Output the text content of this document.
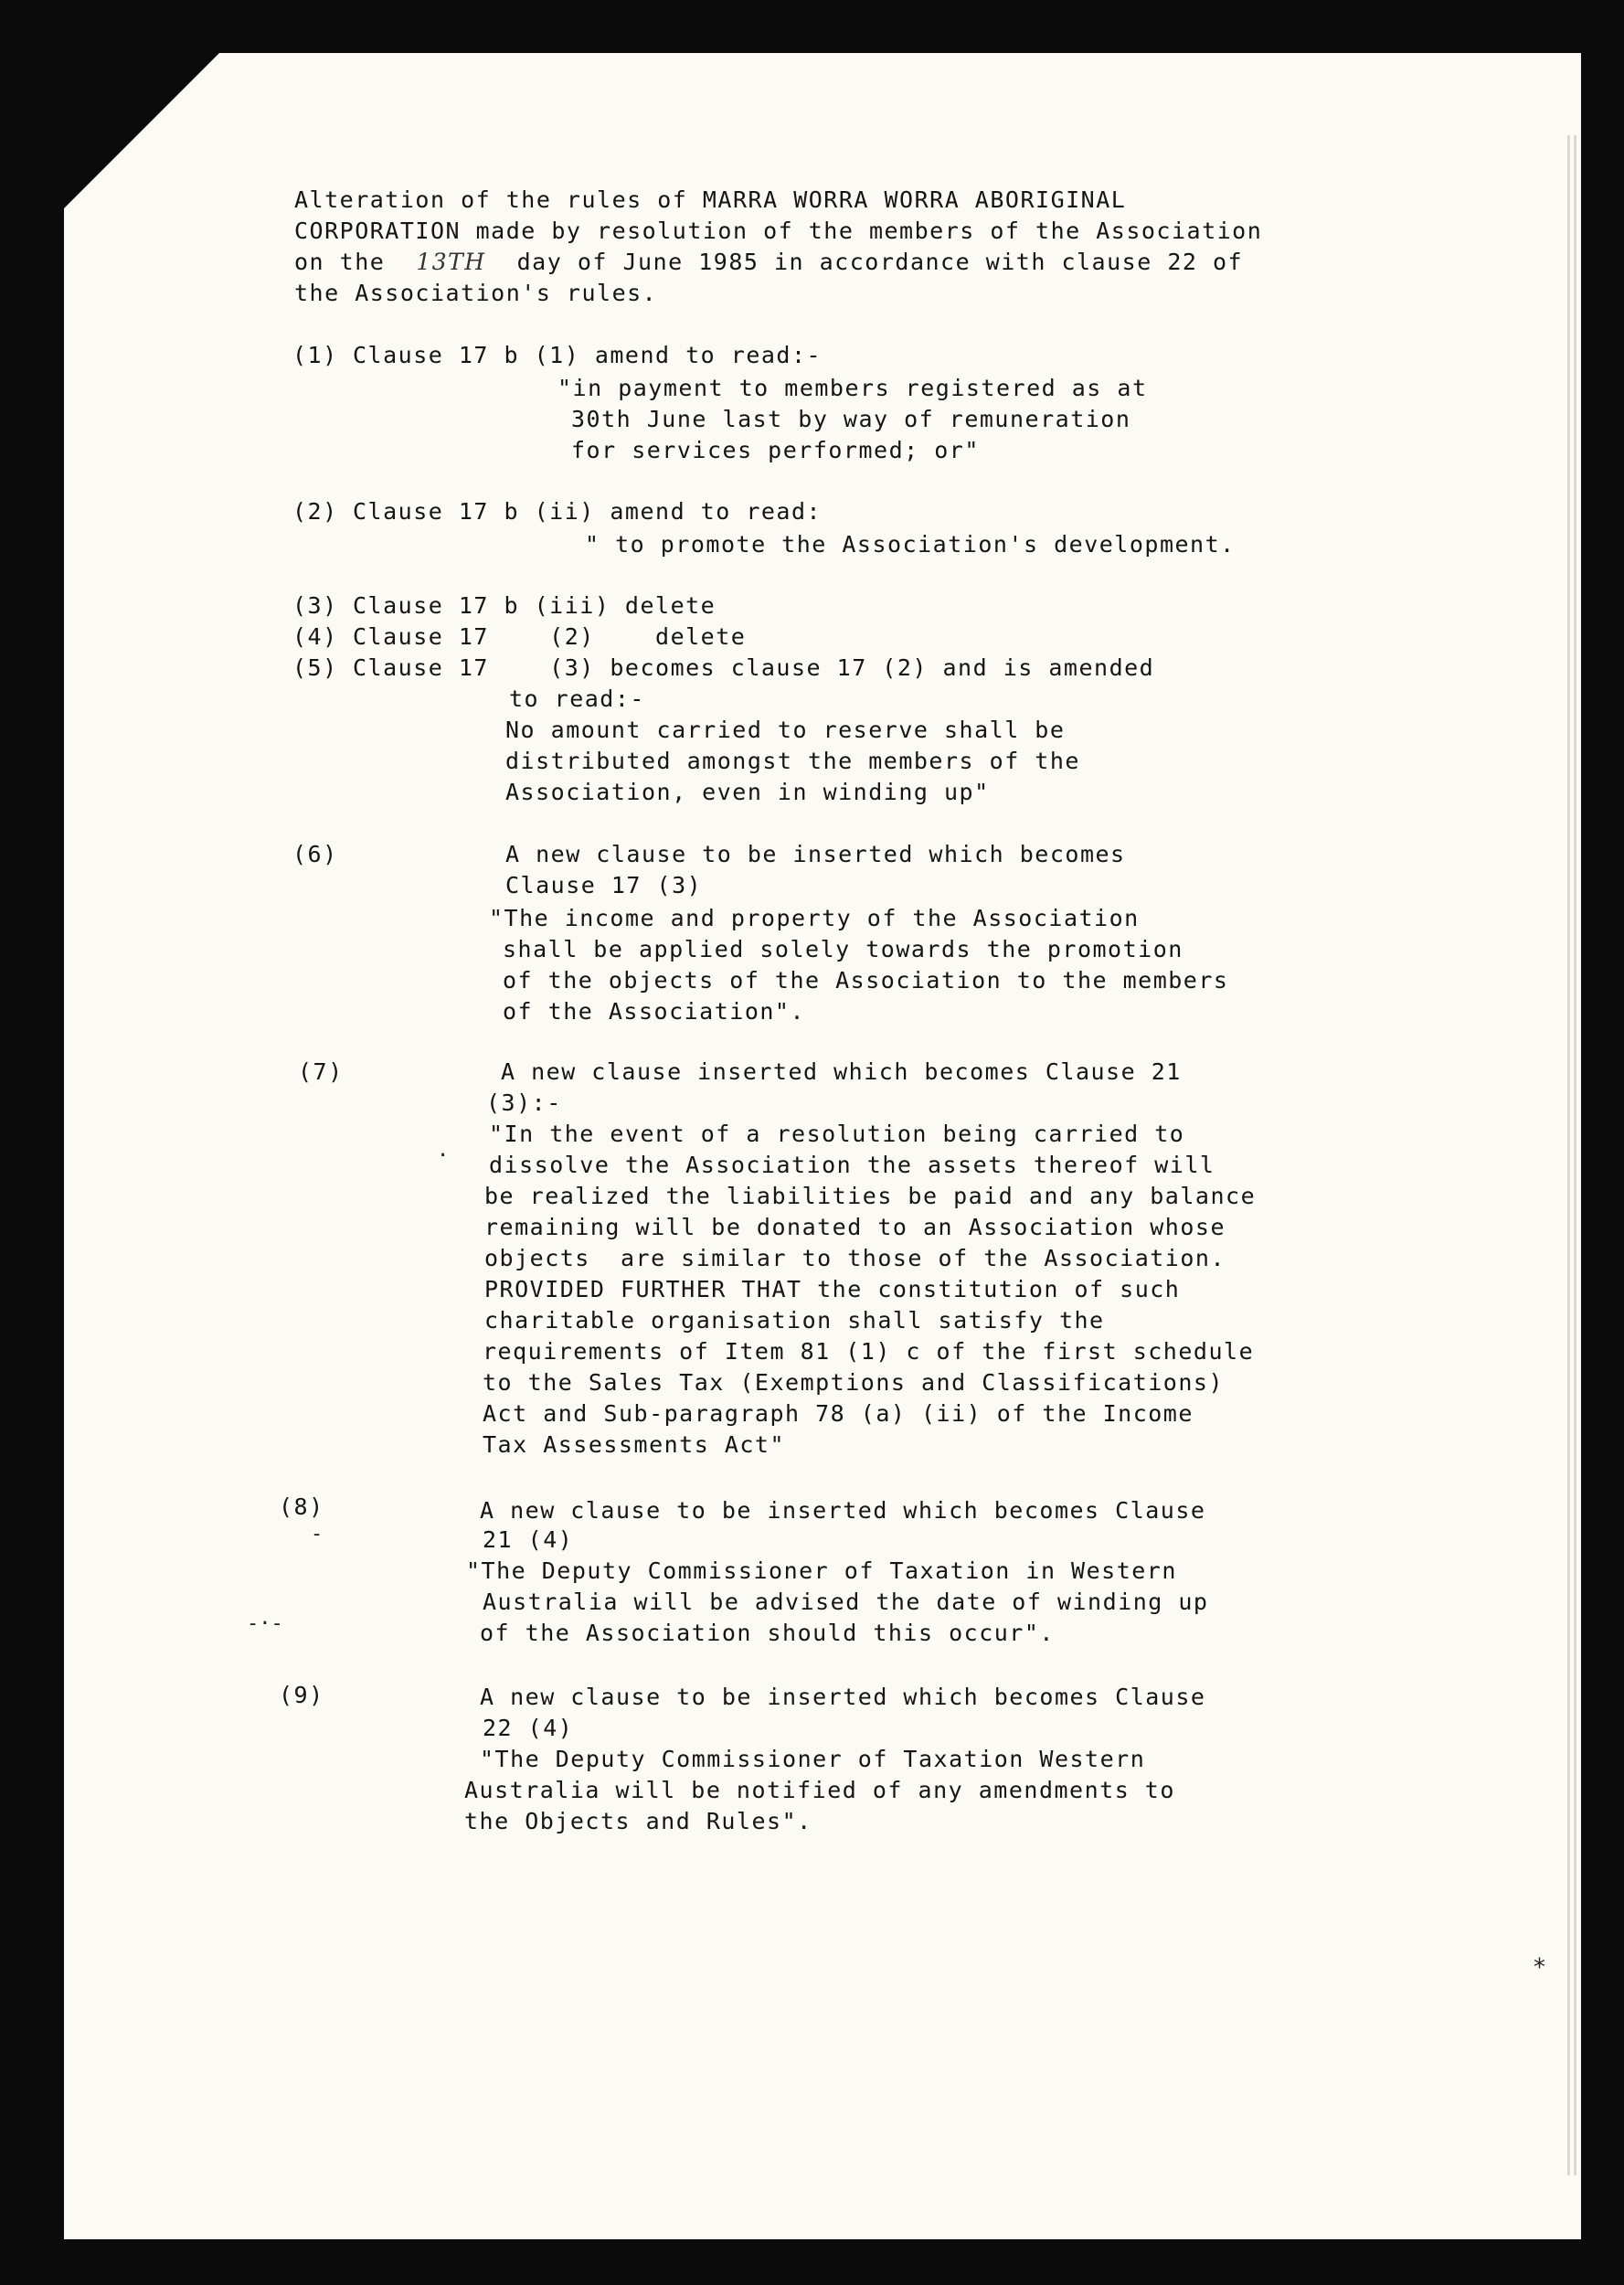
Alteration of the rules of MARRA WORRA WORRA ABORIGINAL
CORPORATION made by resolution of the members of the Association
on the 13TH day of June 1985 in accordance with clause 22 of
the Association's rules.
(1) Clause 17 b (1) amend to read:-
"in payment to members registered as at
30th June last by way of remuneration
for services performed; or"
(2) Clause 17 b (ii) amend to read:
" to promote the Association's development.
(3) Clause 17 b (iii) delete
(4) Clause 17    (2)    delete
(5) Clause 17    (3) becomes clause 17 (2) and is amended
to read:-
No amount carried to reserve shall be
distributed amongst the members of the
Association, even in winding up"
(6)	A new clause to be inserted which becomes
Clause 17 (3)
"The income and property of the Association
shall be applied solely towards the promotion
of the objects of the Association to the members
of the Association".
(7)	A new clause inserted which becomes Clause 21
(3):-
"In the event of a resolution being carried to
dissolve the Association the assets thereof will
be realized the liabilities be paid and any balance
remaining will be donated to an Association whose
objects  are similar to those of the Association.
PROVIDED FURTHER THAT the constitution of such
charitable organisation shall satisfy the
requirements of Item 81 (1) c of the first schedule
to the Sales Tax (Exemptions and Classifications)
Act and Sub-paragraph 78 (a) (ii) of the Income
Tax Assessments Act"
(8)	A new clause to be inserted which becomes Clause
21 (4)
"The Deputy Commissioner of Taxation in Western
Australia will be advised the date of winding up
of the Association should this occur".
(9)	A new clause to be inserted which becomes Clause
22 (4)
"The Deputy Commissioner of Taxation Western
Australia will be notified of any amendments to
the Objects and Rules".
·
-
-·-
⁎
